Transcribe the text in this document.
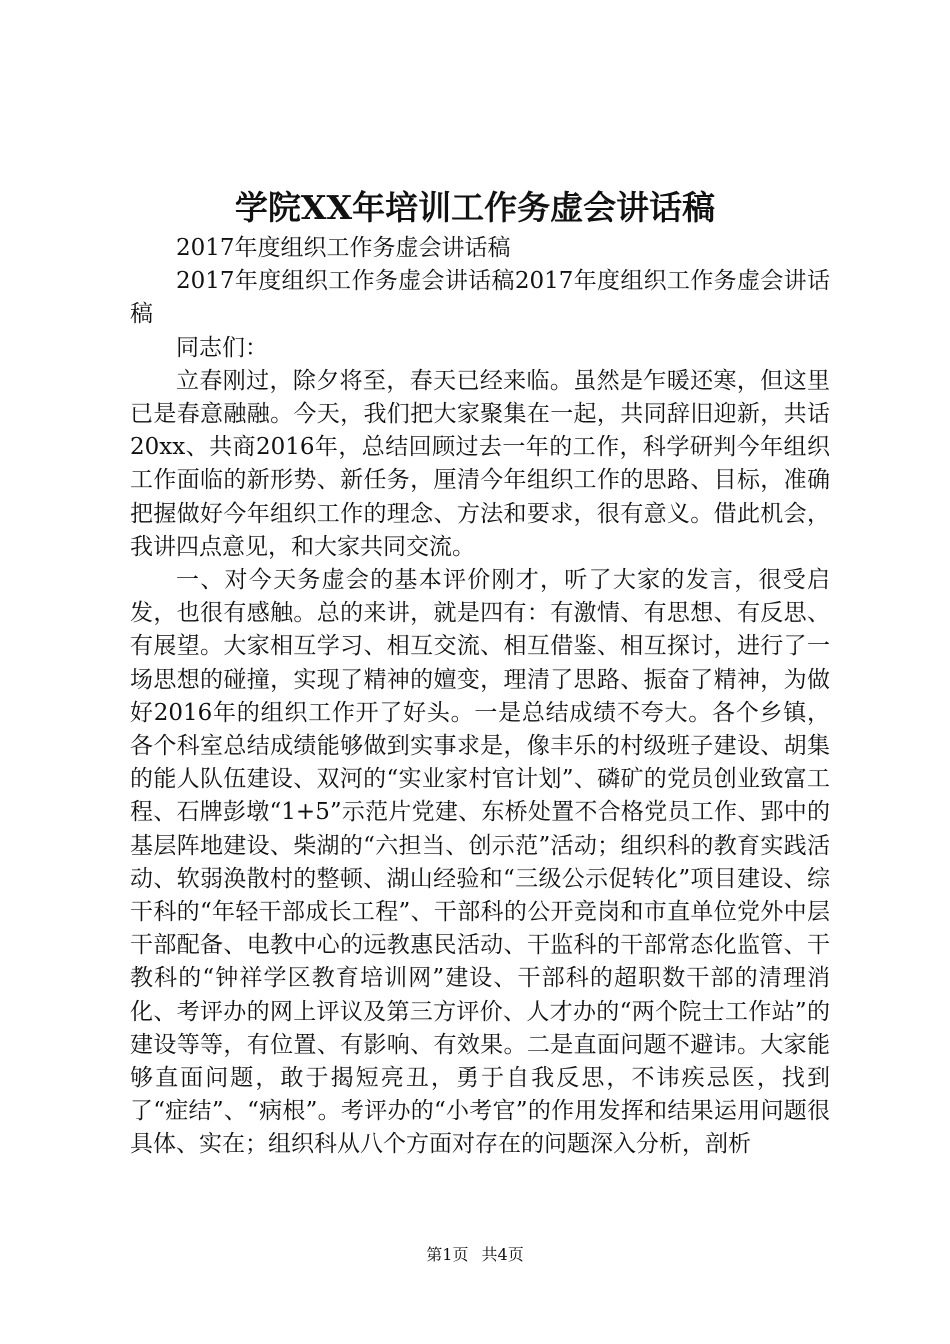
学院XX年培训工作务虚会讲话稿

2017年度组织工作务虚会讲话稿

2017年度组织工作务虚会讲话稿2017年度组织工作务虚会讲话稿

同志们：

立春刚过，除夕将至，春天已经来临。虽然是乍暖还寒，但这里已是春意融融。今天，我们把大家聚集在一起，共同辞旧迎新，共话20xx、共商2016年，总结回顾过去一年的工作，科学研判今年组织工作面临的新形势、新任务，厘清今年组织工作的思路、目标，准确把握做好今年组织工作的理念、方法和要求，很有意义。借此机会，我讲四点意见，和大家共同交流。

一、对今天务虚会的基本评价刚才，听了大家的发言，很受启发，也很有感触。总的来讲，就是四有：有激情、有思想、有反思、有展望。大家相互学习、相互交流、相互借鉴、相互探讨，进行了一场思想的碰撞，实现了精神的嬗变，理清了思路、振奋了精神，为做好2016年的组织工作开了好头。一是总结成绩不夸大。各个乡镇，各个科室总结成绩能够做到实事求是，像丰乐的村级班子建设、胡集的能人队伍建设、双河的“实业家村官计划”、磷矿的党员创业致富工程、石牌彭墩“1+5”示范片党建、东桥处置不合格党员工作、郢中的基层阵地建设、柴湖的“六担当、创示范”活动；组织科的教育实践活动、软弱涣散村的整顿、湖山经验和“三级公示促转化”项目建设、综干科的“年轻干部成长工程”、干部科的公开竞岗和市直单位党外中层干部配备、电教中心的远教惠民活动、干监科的干部常态化监管、干教科的“钟祥学区教育培训网”建设、干部科的超职数干部的清理消化、考评办的网上评议及第三方评价、人才办的“两个院士工作站”的建设等等，有位置、有影响、有效果。二是直面问题不避讳。大家能够直面问题，敢于揭短亮丑，勇于自我反思，不讳疾忌医，找到了“症结”、“病根”。考评办的“小考官”的作用发挥和结果运用问题很具体、实在；组织科从八个方面对存在的问题深入分析，剖析

第1页 共4页
